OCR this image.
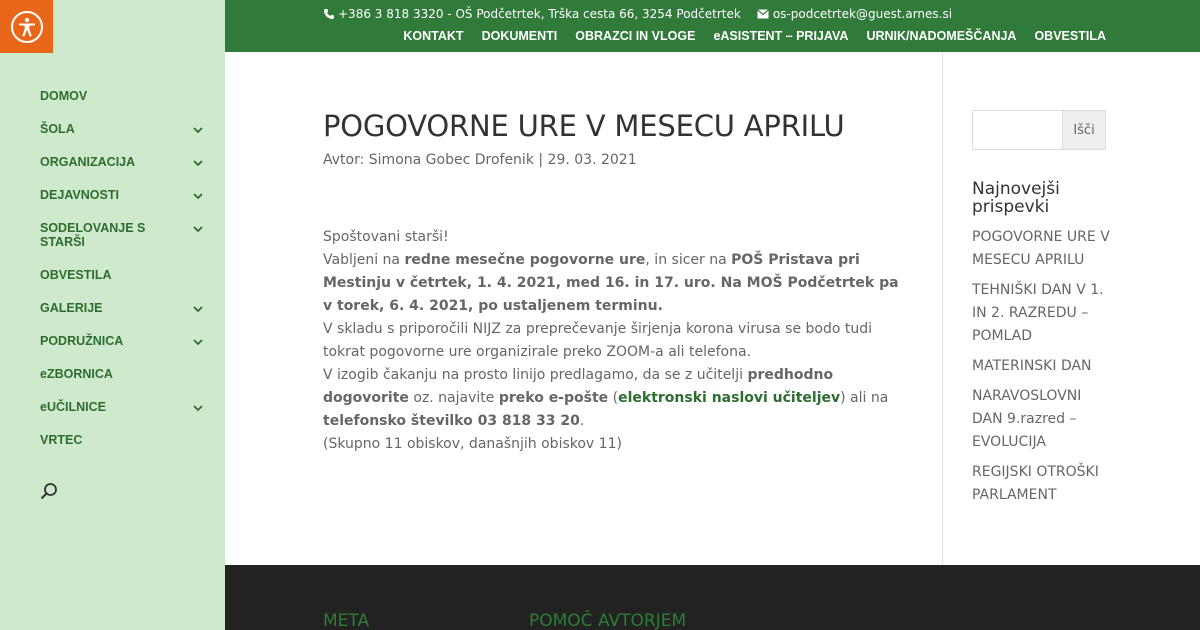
DOMOV
ŠOLA
ORGANIZACIJA
DEJAVNOSTI
SODELOVANJE S STARŠI
OBVESTILA
GALERIJE
PODRUŽNICA
eZBORNICA
eUČILNICE
VRTEC
+386 3 818 3320 - OŠ Podčetrtek, Trška cesta 66, 3254 Podčetrtek	os-podcetrtek@guest.arnes.si
KONTAKT DOKUMENTI OBRAZCI IN VLOGE eASISTENT – PRIJAVA URNIK/NADOMEŠČANJA OBVESTILA
POGOVORNE URE V MESECU APRILU
Avtor: Simona Gobec Drofenik | 29. 03. 2021
Spoštovani starši!
Vabljeni na redne mesečne pogovorne ure, in sicer na POŠ Pristava pri Mestinju v četrtek, 1. 4. 2021, med 16. in 17. uro. Na MOŠ Podčetrtek pa v torek, 6. 4. 2021, po ustaljenem terminu.
V skladu s priporočili NIJZ za preprečevanje širjenja korona virusa se bodo tudi tokrat pogovorne ure organizirale preko ZOOM-a ali telefona.
V izogib čakanju na prosto linijo predlagamo, da se z učitelji predhodno dogovorite oz. najavite preko e-pošte (elektronski naslovi učiteljev) ali na telefonsko številko 03 818 33 20.
(Skupno 11 obiskov, današnjih obiskov 11)
Išči
Najnovejši prispevki
POGOVORNE URE V MESECU APRILU
TEHNIŠKI DAN V 1. IN 2. RAZREDU – POMLAD
MATERINSKI DAN
NARAVOSLOVNI DAN 9.razred – EVOLUCIJA
REGIJSKI OTROŠKI PARLAMENT
META	POMOČ AVTORJEM
